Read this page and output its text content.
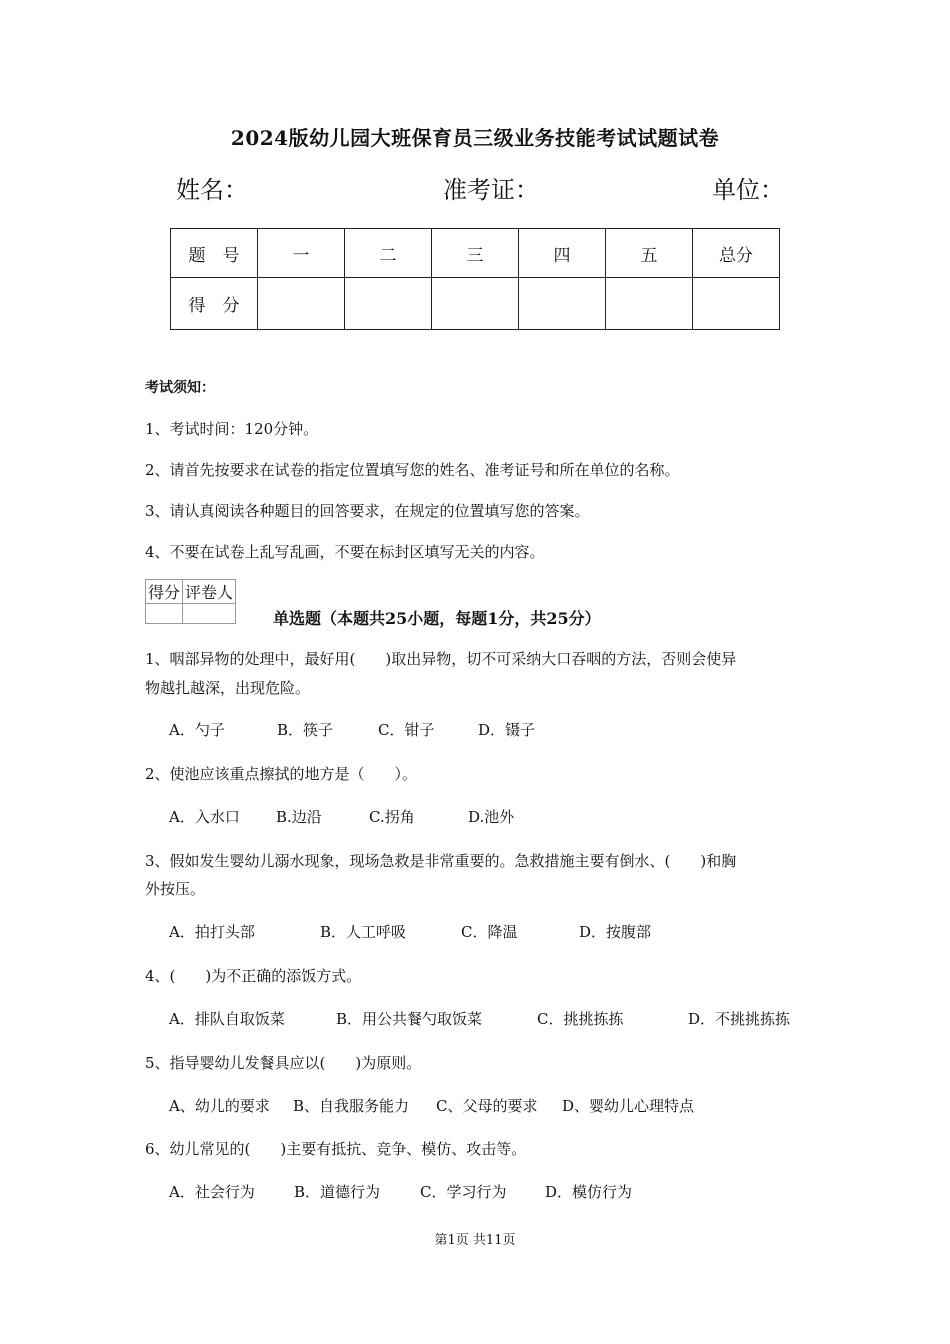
2024版幼儿园大班保育员三级业务技能考试试题试卷
姓名：	准考证：	单位：
题　号	一	二	三	四	五	总分
得　分						
考试须知：
1、考试时间：120分钟。
2、请首先按要求在试卷的指定位置填写您的姓名、准考证号和所在单位的名称。
3、请认真阅读各种题目的回答要求，在规定的位置填写您的答案。
4、不要在试卷上乱写乱画，不要在标封区填写无关的内容。
得分	评卷人

单选题（本题共25小题，每题1分，共25分）
1、咽部异物的处理中，最好用(　　)取出异物，切不可采纳大口吞咽的方法，否则会使异
物越扎越深，出现危险。
A．勺子	B．筷子	C．钳子	D．镊子
2、使池应该重点擦拭的地方是（　　）。
A．入水口 B.边沿	C.拐角	D.池外
3、假如发生婴幼儿溺水现象，现场急救是非常重要的。急救措施主要有倒水、(　　)和胸
外按压。
A．拍打头部	B．人工呼吸	C．降温	D．按腹部
4、(　　)为不正确的添饭方式。
A．排队自取饭菜	B．用公共餐勺取饭菜	C．挑挑拣拣	D．不挑挑拣拣
5、指导婴幼儿发餐具应以(　　)为原则。
A、幼儿的要求 B、自我服务能力 C、父母的要求 D、婴幼儿心理特点
6、幼儿常见的(　　)主要有抵抗、竞争、模仿、攻击等。
A．社会行为	B．道德行为	C．学习行为	D．模仿行为
第1页 共11页
